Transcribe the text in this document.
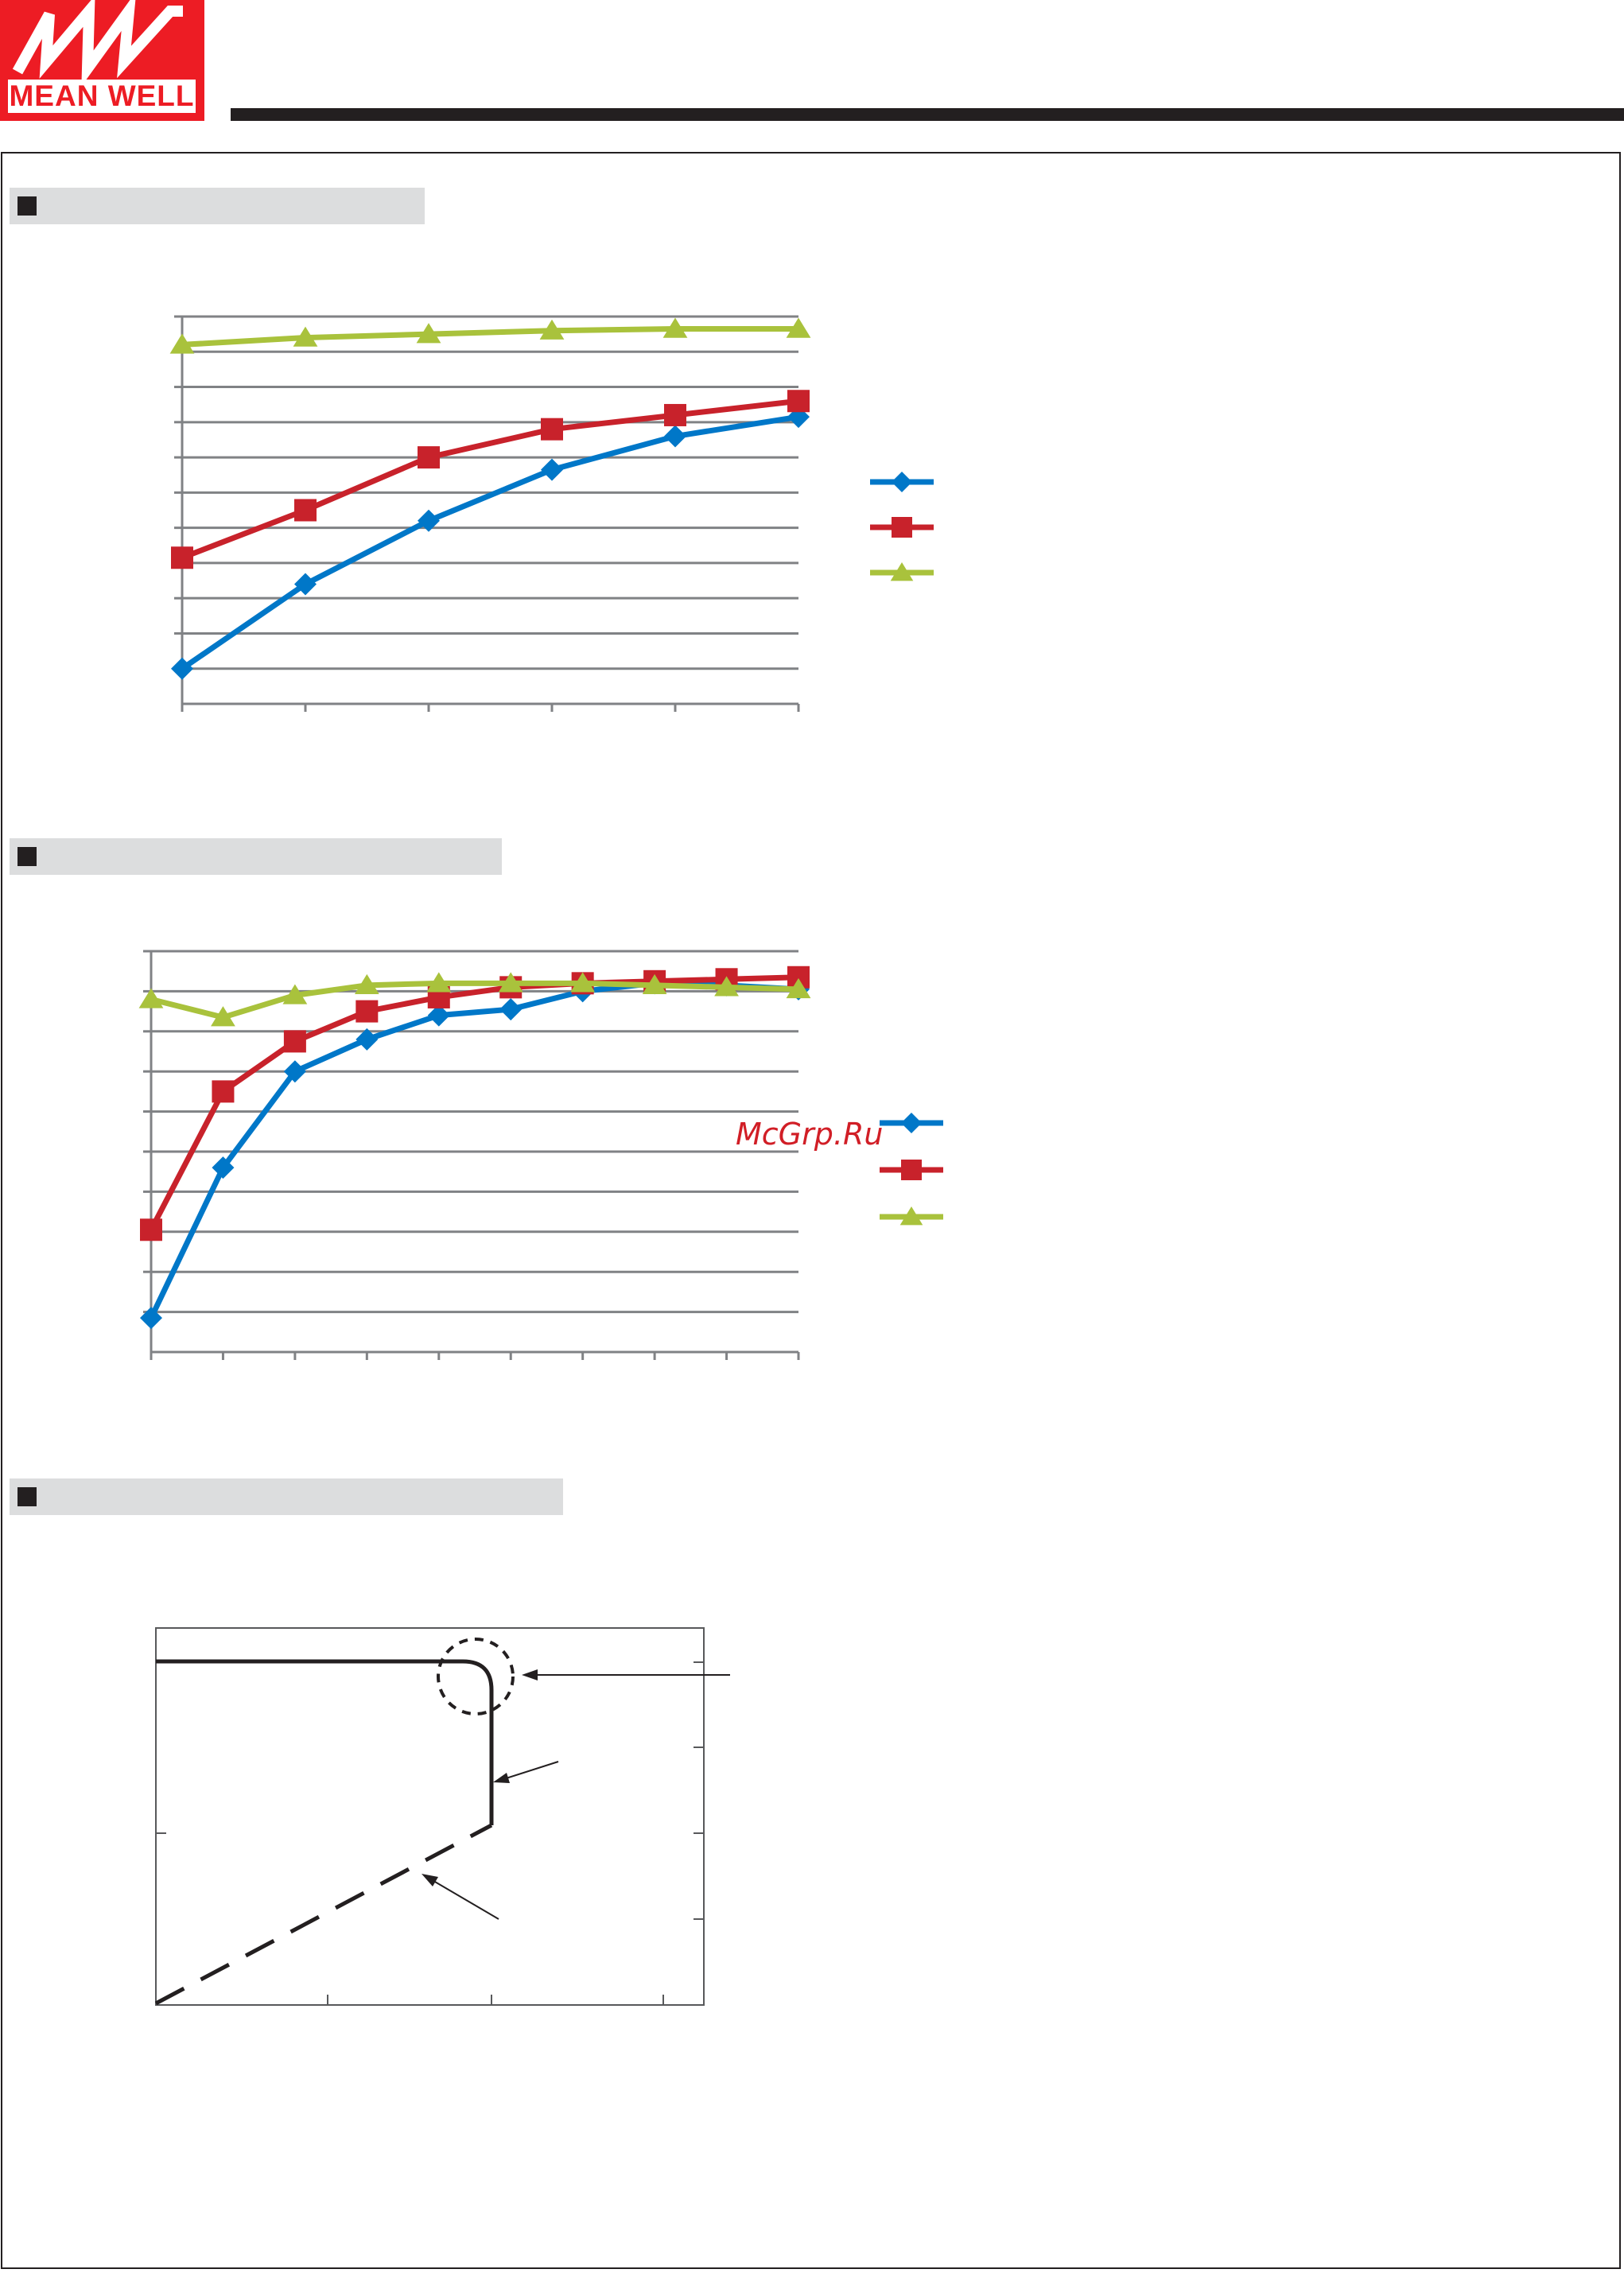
MEAN WELL
McGrp.Ru
